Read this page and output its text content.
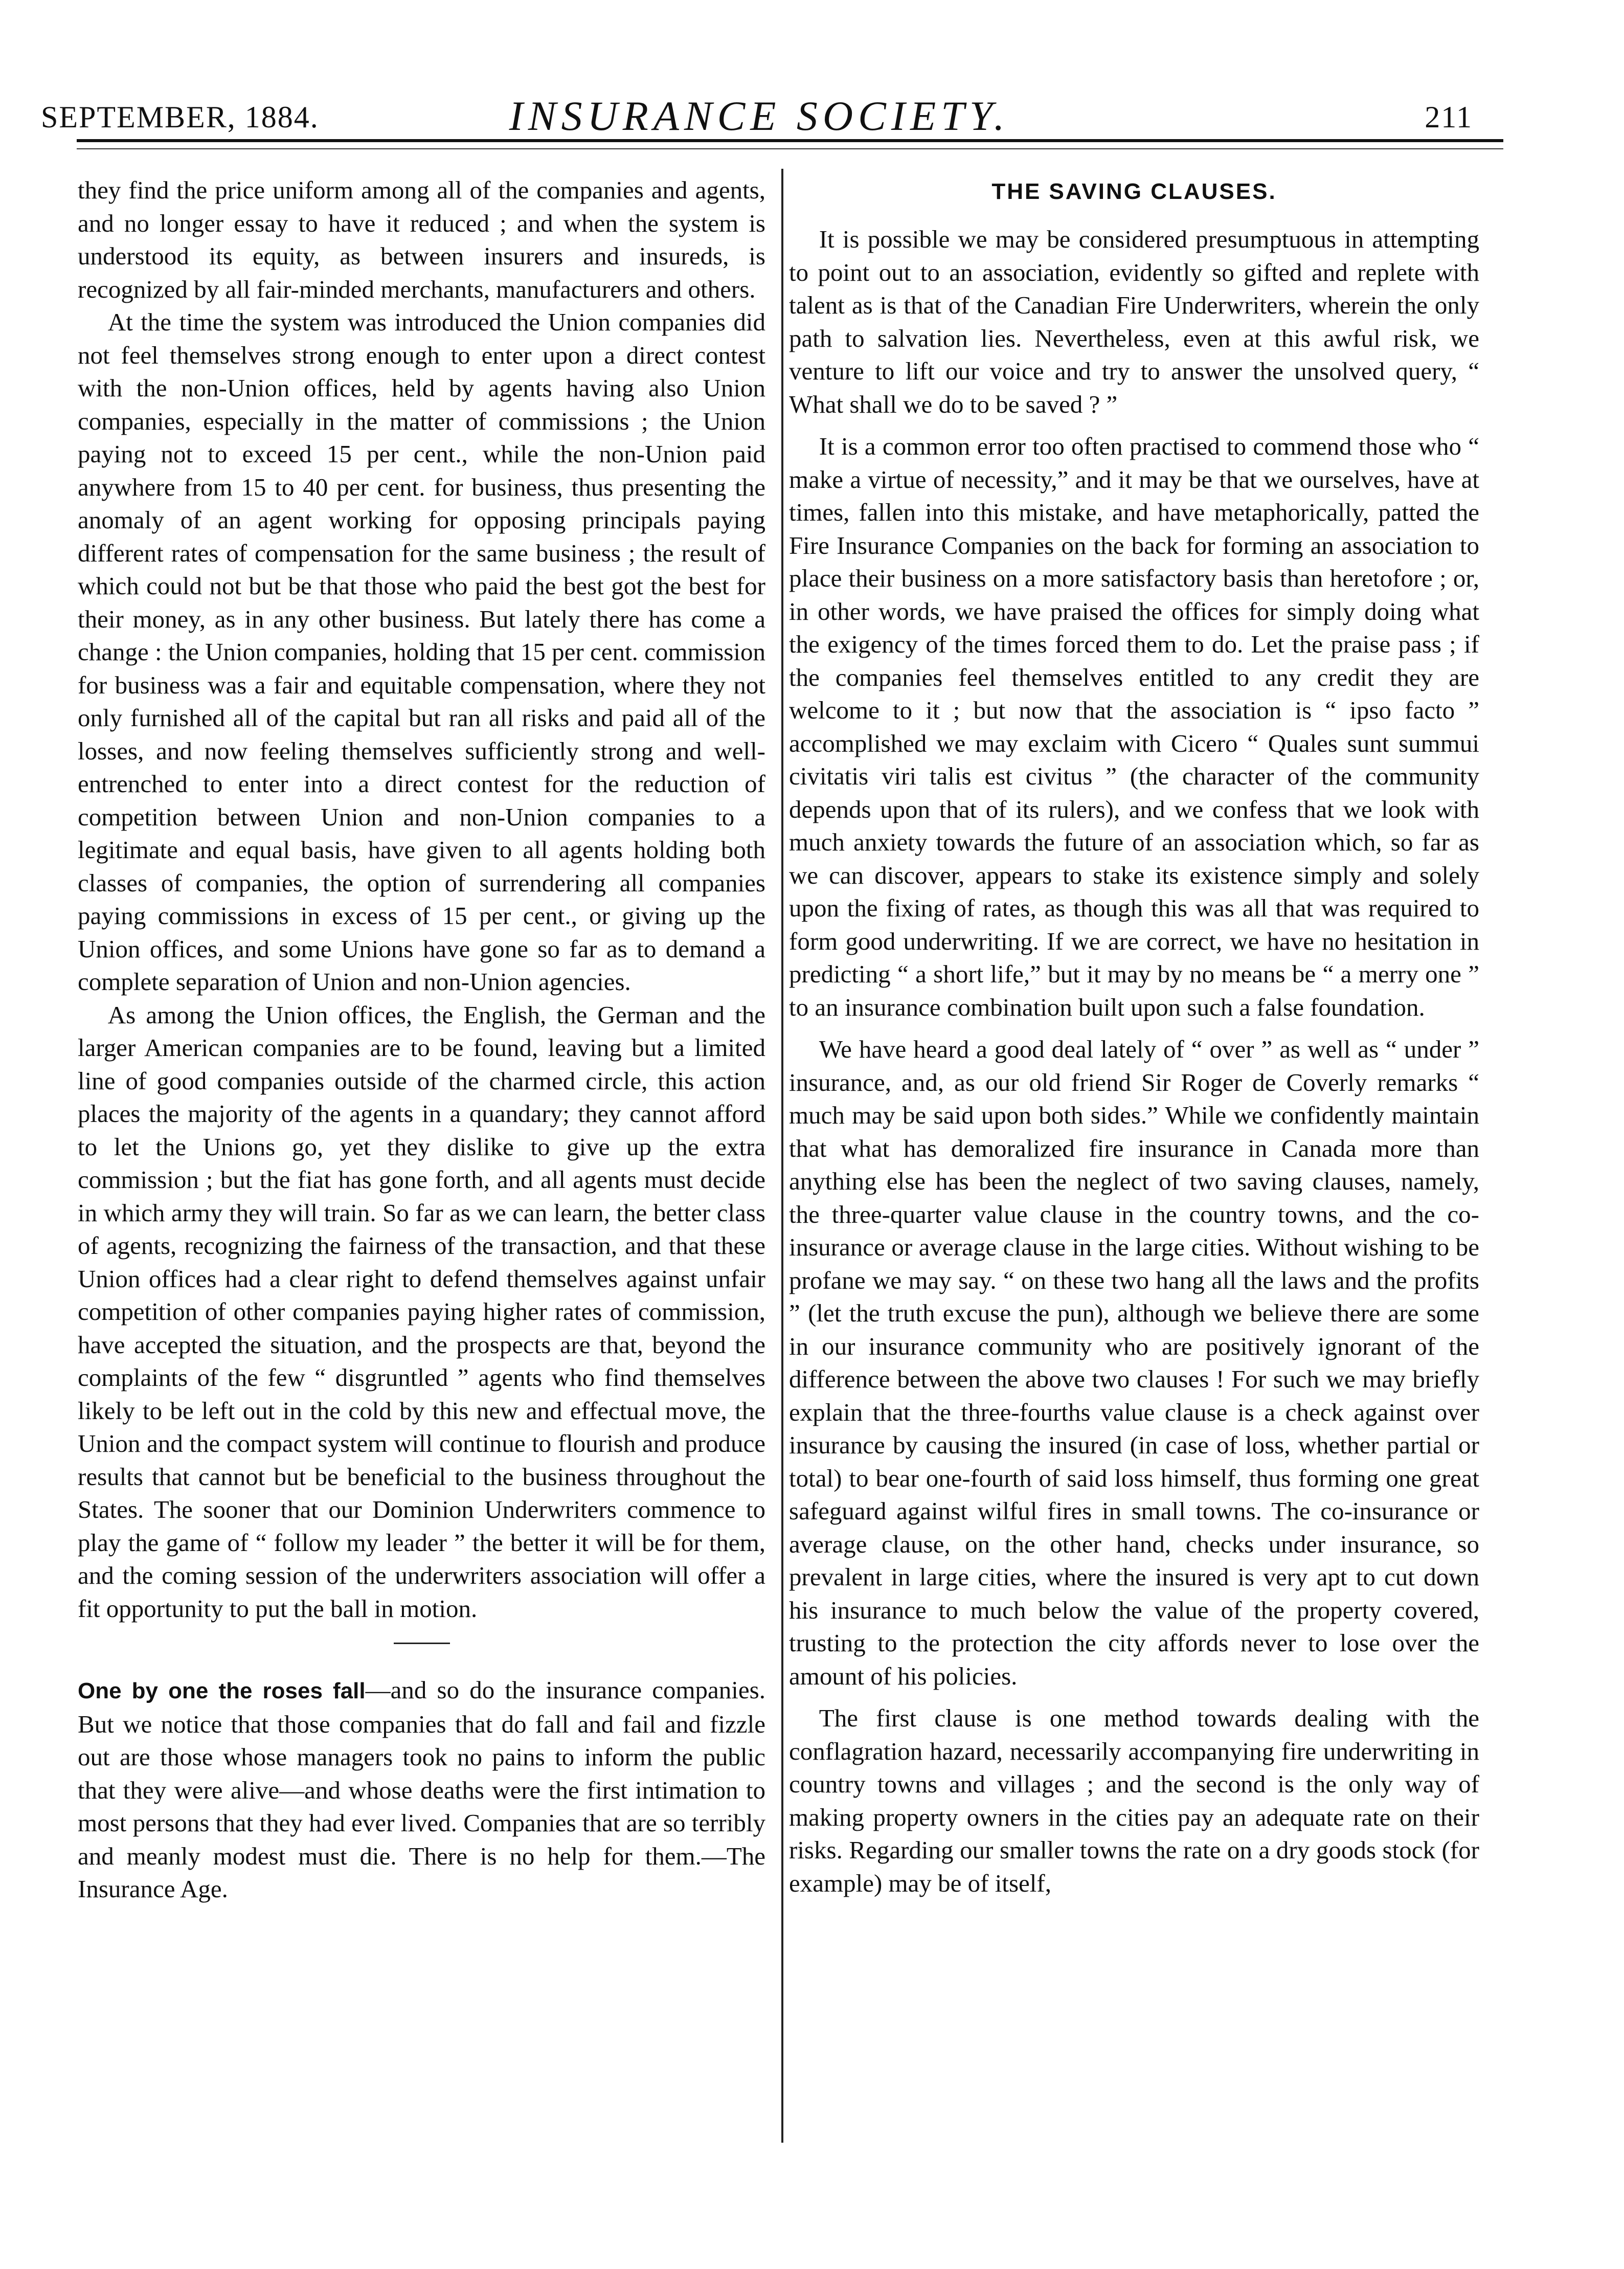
SEPTEMBER, 1884.	INSURANCE SOCIETY.	211

they find the price uniform among all of the companies and agents, and no longer essay to have it reduced ; and when the system is understood its equity, as between insurers and insureds, is recognized by all fair-minded merchants, manufacturers and others.

At the time the system was introduced the Union companies did not feel themselves strong enough to enter upon a direct contest with the non-Union offices, held by agents having also Union companies, especially in the matter of commissions ; the Union paying not to exceed 15 per cent., while the non-Union paid anywhere from 15 to 40 per cent. for business, thus presenting the anomaly of an agent working for opposing principals paying different rates of compensation for the same business ; the result of which could not but be that those who paid the best got the best for their money, as in any other business. But lately there has come a change : the Union companies, holding that 15 per cent. commission for business was a fair and equitable compensation, where they not only furnished all of the capital but ran all risks and paid all of the losses, and now feeling themselves sufficiently strong and well-entrenched to enter into a direct contest for the reduction of competition between Union and non-Union companies to a legitimate and equal basis, have given to all agents holding both classes of companies, the option of surrendering all companies paying commissions in excess of 15 per cent., or giving up the Union offices, and some Unions have gone so far as to demand a complete separation of Union and non-Union agencies.

As among the Union offices, the English, the German and the larger American companies are to be found, leaving but a limited line of good companies outside of the charmed circle, this action places the majority of the agents in a quandary; they cannot afford to let the Unions go, yet they dislike to give up the extra commission ; but the fiat has gone forth, and all agents must decide in which army they will train. So far as we can learn, the better class of agents, recognizing the fairness of the transaction, and that these Union offices had a clear right to defend themselves against unfair competition of other companies paying higher rates of commission, have accepted the situation, and the prospects are that, beyond the complaints of the few “ disgruntled ” agents who find themselves likely to be left out in the cold by this new and effectual move, the Union and the compact system will continue to flourish and produce results that cannot but be beneficial to the business throughout the States. The sooner that our Dominion Underwriters commence to play the game of “ follow my leader ” the better it will be for them, and the coming session of the underwriters association will offer a fit opportunity to put the ball in motion.

One by one the roses fall—and so do the insurance companies. But we notice that those companies that do fall and fail and fizzle out are those whose managers took no pains to inform the public that they were alive—and whose deaths were the first intimation to most persons that they had ever lived. Companies that are so terribly and meanly modest must die. There is no help for them.—The Insurance Age.

THE SAVING CLAUSES.

It is possible we may be considered presumptuous in attempting to point out to an association, evidently so gifted and replete with talent as is that of the Canadian Fire Underwriters, wherein the only path to salvation lies. Nevertheless, even at this awful risk, we venture to lift our voice and try to answer the unsolved query, “ What shall we do to be saved ? ”

It is a common error too often practised to commend those who “ make a virtue of necessity,” and it may be that we ourselves, have at times, fallen into this mistake, and have metaphorically, patted the Fire Insurance Companies on the back for forming an association to place their business on a more satisfactory basis than heretofore ; or, in other words, we have praised the offices for simply doing what the exigency of the times forced them to do. Let the praise pass ; if the companies feel themselves entitled to any credit they are welcome to it ; but now that the association is “ ipso facto ” accomplished we may exclaim with Cicero “ Quales sunt summui civitatis viri talis est civitus ” (the character of the community depends upon that of its rulers), and we confess that we look with much anxiety towards the future of an association which, so far as we can discover, appears to stake its existence simply and solely upon the fixing of rates, as though this was all that was required to form good underwriting. If we are correct, we have no hesitation in predicting “ a short life,” but it may by no means be “ a merry one ” to an insurance combination built upon such a false foundation.

We have heard a good deal lately of “ over ” as well as “ under ” insurance, and, as our old friend Sir Roger de Coverly remarks “ much may be said upon both sides.” While we confidently maintain that what has demoralized fire insurance in Canada more than anything else has been the neglect of two saving clauses, namely, the three-quarter value clause in the country towns, and the co-insurance or average clause in the large cities. Without wishing to be profane we may say. “ on these two hang all the laws and the profits ” (let the truth excuse the pun), although we believe there are some in our insurance community who are positively ignorant of the difference between the above two clauses ! For such we may briefly explain that the three-fourths value clause is a check against over insurance by causing the insured (in case of loss, whether partial or total) to bear one-fourth of said loss himself, thus forming one great safeguard against wilful fires in small towns. The co-insurance or average clause, on the other hand, checks under insurance, so prevalent in large cities, where the insured is very apt to cut down his insurance to much below the value of the property covered, trusting to the protection the city affords never to lose over the amount of his policies.

The first clause is one method towards dealing with the conflagration hazard, necessarily accompanying fire underwriting in country towns and villages ; and the second is the only way of making property owners in the cities pay an adequate rate on their risks. Regarding our smaller towns the rate on a dry goods stock (for example) may be of itself,
